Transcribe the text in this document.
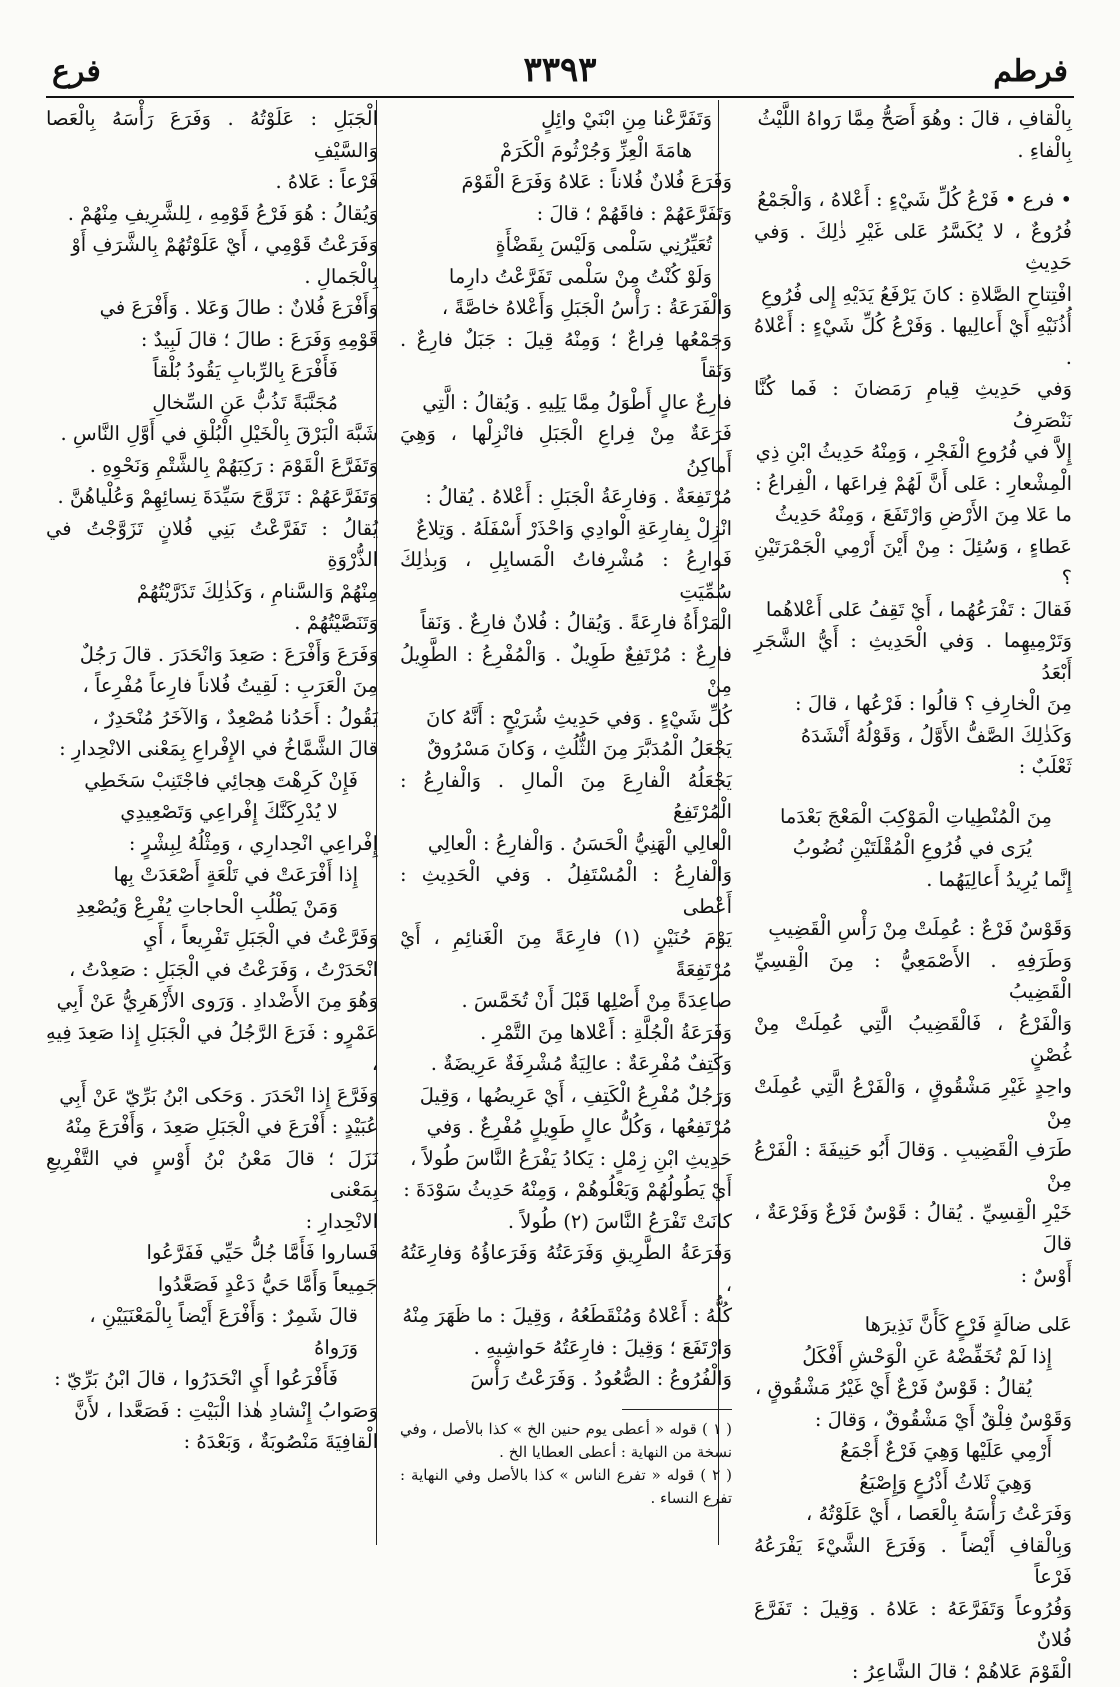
فرطم
٣٣٩٣
فرع

بِالْقافِ ، قالَ : وهُوَ أَصَحُّ مِمَّا رَواهُ اللَّيْثُ

بِالْفاءِ .

• فرع • فَرْعُ كُلِّ شَيْءٍ : أَعْلاهُ ، وَالْجَمْعُ

فُرُوعٌ ، لا يُكَسَّرُ عَلى غَيْرِ ذٰلِكَ . وَفي حَدِيثِ

افْتِتاحِ الصَّلاةِ : كانَ يَرْفَعُ يَدَيْهِ إِلى فُرُوعِ

أُذُنَيْهِ أَيْ أَعالِيها . وَفَرْعُ كُلِّ شَيْءٍ : أَعْلاهُ .

وَفي حَدِيثِ قِيامِ رَمَضانَ : فَما كُنَّا نَنْصَرِفُ

إِلاَّ في فُرُوعِ الْفَجْرِ ، وَمِنْهُ حَدِيثُ ابْنِ ذِي

الْمِشْعارِ : عَلى أَنَّ لَهُمْ فِراعَها ، الْفِراعُ :

ما عَلا مِنَ الأَرْضِ وَارْتَفَعَ ، وَمِنْهُ حَدِيثُ

عَطاءٍ ، وَسُئِلَ : مِنْ أَيْنَ أَرْمِي الْجَمْرَتَيْنِ ؟

فَقالَ : تَفْرَعُهُما ، أَيْ تَقِفُ عَلى أَعْلاهُما

وَتَرْمِيهِما . وَفي الْحَدِيثِ : أَيُّ الشَّجَرِ أَبْعَدُ

مِنَ الْخارِفِ ؟ قالُوا : فَرْعُها ، قالَ :

وَكَذٰلِكَ الصَّفُّ الأَوَّلُ ، وَقَوْلُهُ أَنْشَدَهُ

ثَعْلَبٌ :

مِنَ الْمُنْطِياتِ الْمَوْكِبَ الْمَعْجَ بَعْدَما

يُرَى في فُرُوعِ الْمُقْلَتَيْنِ نُضُوبُ

إِنَّما يُرِيدُ أَعالِيَهُما .

وَقَوْسٌ فَرْعٌ : عُمِلَتْ مِنْ رَأْسِ الْقَضِيبِ

وَطَرَفِهِ . الأَصْمَعِيُّ : مِنَ الْقِسِيِّ الْقَضِيبُ

وَالْفَرْعُ ، فَالْقَضِيبُ الَّتِي عُمِلَتْ مِنْ غُصْنٍ

واحِدٍ غَيْرِ مَشْقُوقٍ ، وَالْفَرْعُ الَّتِي عُمِلَتْ مِنْ

طَرَفِ الْقَضِيبِ . وَقالَ أَبُو حَنِيفَةَ : الْفَرْعُ مِنْ

خَيْرِ الْقِسِيِّ . يُقالُ : قَوْسٌ فَرْعٌ وَفَرْعَةٌ ، قالَ

أَوْسٌ :

عَلى ضالَةٍ فَرْعٍ كَأَنَّ نَذِيرَها

إِذا لَمْ تُخَفِّضْهُ عَنِ الْوَحْشِ أَفْكَلُ

يُقالُ : قَوْسٌ فَرْعٌ أَيْ غَيْرُ مَشْقُوقٍ ،

وَقَوْسٌ فِلْقٌ أَيْ مَشْقُوقٌ ، وَقالَ :

أَرْمِي عَلَيْها وَهِيَ فَرْعٌ أَجْمَعُ

وَهِيَ ثَلاثُ أَذْرُعٍ وَإِصْبَعُ

وَفَرَعْتُ رَأْسَهُ بِالْعَصا ، أَيْ عَلَوْتُهُ ،

وَبِالْقافِ أَيْضاً . وَفَرَعَ الشَّيْءَ يَفْرَعُهُ فَرْعاً

وَفُرُوعاً وَتَفَرَّعَهُ : عَلاهُ . وَقِيلَ : تَفَرَّعَ فُلانٌ

الْقَوْمَ عَلاهُمْ ؛ قالَ الشَّاعِرُ :

وَتَفَرَّعْنا مِنِ ابْنَيْ وائِلٍ

هامَةَ الْعِزِّ وَجُرْثُومَ الْكَرَمْ

وَفَرَعَ فُلانٌ فُلاناً : عَلاهُ وَفَرَعَ الْقَوْمَ

وَتَفَرَّعَهُمْ : فاقَهُمْ ؛ قالَ :

تُعَيِّرُنِي سَلْمى وَلَيْسَ بِقَضْأَةٍ

وَلَوْ كُنْتُ مِنْ سَلْمى تَفَرَّعْتُ دارِما

وَالْفَرَعَةُ : رَأْسُ الْجَبَلِ وَأَعْلاهُ خاصَّةً ،

وَجَمْعُها فِراعٌ ؛ وَمِنْهُ قِيلَ : جَبَلٌ فارِعٌ . وَنَقاً

فارِعٌ عالٍ أَطْوَلُ مِمَّا يَلِيهِ . وَيُقالُ : الَّتِي

فَرَعَةٌ مِنْ فِراعِ الْجَبَلِ فانْزِلْها ، وَهِيَ أَماكِنُ

مُرْتَفِعَةٌ . وَفارِعَةُ الْجَبَلِ : أَعْلاهُ . يُقالُ :

انْزِلْ بِفارِعَةِ الْوادِي وَاحْذَرْ أَسْفَلَهُ . وَتِلاعٌ

فَوارِعُ : مُشْرِفاتُ الْمَسايِلِ ، وَبِذٰلِكَ سُمِّيَتِ

الْمَرْأَةُ فارِعَةً . وَيُقالُ : فُلانٌ فارِعٌ . وَنَقاً

فارِعٌ : مُرْتَفِعٌ طَوِيلٌ . وَالْمُفْرِعُ : الطَّوِيلُ مِنْ

كُلِّ شَيْءٍ . وَفي حَدِيثِ شُرَيْحٍ : أَنَّهُ كانَ

يَجْعَلُ الْمُدَبَّرَ مِنَ الثُّلُثِ ، وَكانَ مَسْرُوقٌ

يَجْعَلُهُ الْفارِعَ مِنَ الْمالِ . وَالْفارِعُ : الْمُرْتَفِعُ

الْعالِي الْهَنِيُّ الْحَسَنُ . وَالْفارِعُ : الْعالِي

وَالْفارِعُ : الْمُسْتَفِلُ . وَفي الْحَدِيثِ : أَعْطى

يَوْمَ حُنَيْنٍ (١) فارِعَةً مِنَ الْغَنائِمِ ، أَيْ مُرْتَفِعَةً

صاعِدَةً مِنْ أَصْلِها قَبْلَ أَنْ تُخَمَّسَ .

وَفَرَعَةُ الْجُلَّةِ : أَعْلاها مِنَ التَّمْرِ .

وَكَتِفٌ مُفْرِعَةٌ : عالِيَةٌ مُشْرِفَةٌ عَرِيضَةٌ .

وَرَجُلٌ مُفْرِعُ الْكَتِفِ ، أَيْ عَرِيضُها ، وَقِيلَ

مُرْتَفِعُها ، وَكُلُّ عالٍ طَوِيلٍ مُفْرِعٌ . وَفي

حَدِيثِ ابْنِ زِمْلٍ : يَكادُ يَفْرَعُ النَّاسَ طُولاً ،

أَيْ يَطُولُهُمْ وَيَعْلُوهُمْ ، وَمِنْهُ حَدِيثُ سَوْدَةَ :

كانَتْ تَفْرَعُ النَّاسَ (٢) طُولاً .

وَفَرَعَةُ الطَّرِيقِ وَفَرَعَتُهُ وَفَرَعاؤُهُ وَفارِعَتُهُ ،

كُلُّهُ : أَعْلاهُ وَمُنْقَطَعُهُ ، وَقِيلَ : ما ظَهَرَ مِنْهُ

وَارْتَفَعَ ؛ وَقِيلَ : فارِعَتُهُ حَواشِيهِ .

وَالْفُرُوعُ : الصُّعُودُ . وَفَرَعْتُ رَأْسَ

( ١ ) قوله « أعطى يوم حنين الخ » كذا بالأصل ، وفي نسخة من النهاية : أعطى العطايا الخ .

( ٢ ) قوله « تفرع الناس » كذا بالأصل وفي النهاية : تفرع النساء .

الْجَبَلِ : عَلَوْتُهُ . وَفَرَعَ رَأْسَهُ بِالْعَصا وَالسَّيْفِ

فَرْعاً : عَلاهُ .

وَيُقالُ : هُوَ فَرْعُ قَوْمِهِ ، لِلشَّرِيفِ مِنْهُمْ .

وَفَرَعْتُ قَوْمِي ، أَيْ عَلَوْتُهُمْ بِالشَّرَفِ أَوْ

بِالْجَمالِ .

وَأَفْرَعَ فُلانٌ : طالَ وَعَلا . وَأَفْرَعَ في

قَوْمِهِ وَفَرَعَ : طالَ ؛ قالَ لَبِيدٌ :

فَأَفْرَعَ بِالرِّبابِ يَقُودُ بُلْقاً

مُجَنَّبَةً تَذُبُّ عَنِ السِّخالِ

شَبَّهَ الْبَرْقَ بِالْخَيْلِ الْبُلْقِ في أَوَّلِ النَّاسِ .

وَتَفَرَّعَ الْقَوْمَ : رَكِبَهُمْ بِالشَّتْمِ وَنَحْوِهِ .

وَتَفَرَّعَهُمْ : تَزَوَّجَ سَيِّدَةَ نِسائِهِمْ وَعُلْياهُنَّ .

يُقالُ : تَفَرَّعْتُ بَنِي فُلانٍ تَزَوَّجْتُ في الذُّرْوَةِ

مِنْهُمْ وَالسَّنامِ ، وَكَذٰلِكَ تَذَرَّيْتُهُمْ

وَتَنَصَّيْتُهُمْ .

وَفَرَعَ وَأَفْرَعَ : صَعِدَ وَانْحَدَرَ . قالَ رَجُلٌ

مِنَ الْعَرَبِ : لَقِيتُ فُلاناً فارِعاً مُفْرِعاً ،

يَقُولُ : أَحَدُنا مُصْعِدٌ ، وَالآخَرُ مُنْحَدِرٌ ،

قالَ الشَّمَّاخُ في الإِفْراعِ بِمَعْنى الانْحِدارِ :

فَإِنْ كَرِهْتَ هِجائِي فاجْتَنِبْ سَخَطِي

لا يُدْرِكَنَّكَ إِفْراعِي وَتَصْعِيدِي

إِفْراعِي انْحِدارِي ، وَمِثْلُهُ لِبِشْرٍ :

إِذا أَفْرَعَتْ في تَلْعَةٍ أَصْعَدَتْ بِها

وَمَنْ يَطْلُبِ الْحاجاتِ يُفْرِعْ وَيُصْعِدِ

وَفَرَّعْتُ في الْجَبَلِ تَفْرِيعاً ، أَيِ

انْحَدَرْتُ ، وَفَرَعْتُ في الْجَبَلِ : صَعِدْتُ ،

وَهُوَ مِنَ الأَضْدادِ . وَرَوى الأَزْهَرِيُّ عَنْ أَبِي

عَمْرٍو : فَرَعَ الرَّجُلُ في الْجَبَلِ إِذا صَعِدَ فِيهِ ،

وَفَرَّعَ إِذا انْحَدَرَ . وَحَكى ابْنُ بَرِّيّ عَنْ أَبِي

عُبَيْدٍ : أَفْرَعَ في الْجَبَلِ صَعِدَ ، وَأَفْرَعَ مِنْهُ

نَزَلَ ؛ قالَ مَعْنُ بْنُ أَوْسٍ في التَّفْرِيعِ بِمَعْنى

الانْحِدارِ :

فَساروا فَأَمَّا جُلُّ حَيِّي فَفَرَّعُوا

جَمِيعاً وَأَمَّا حَيُّ دَعْدٍ فَصَعَّدُوا

قالَ شَمِرٌ : وَأَفْرَعَ أَيْضاً بِالْمَعْنَيَيْنِ ، وَرَواهُ

فَأَفْرَعُوا أَيِ انْحَدَرُوا ، قالَ ابْنُ بَرِّيّ :

وَصَوابُ إِنْشادِ هٰذا الْبَيْتِ : فَصَعَّدا ، لأَنَّ

الْقافِيَةَ مَنْصُوبَةٌ ، وَبَعْدَهُ :
